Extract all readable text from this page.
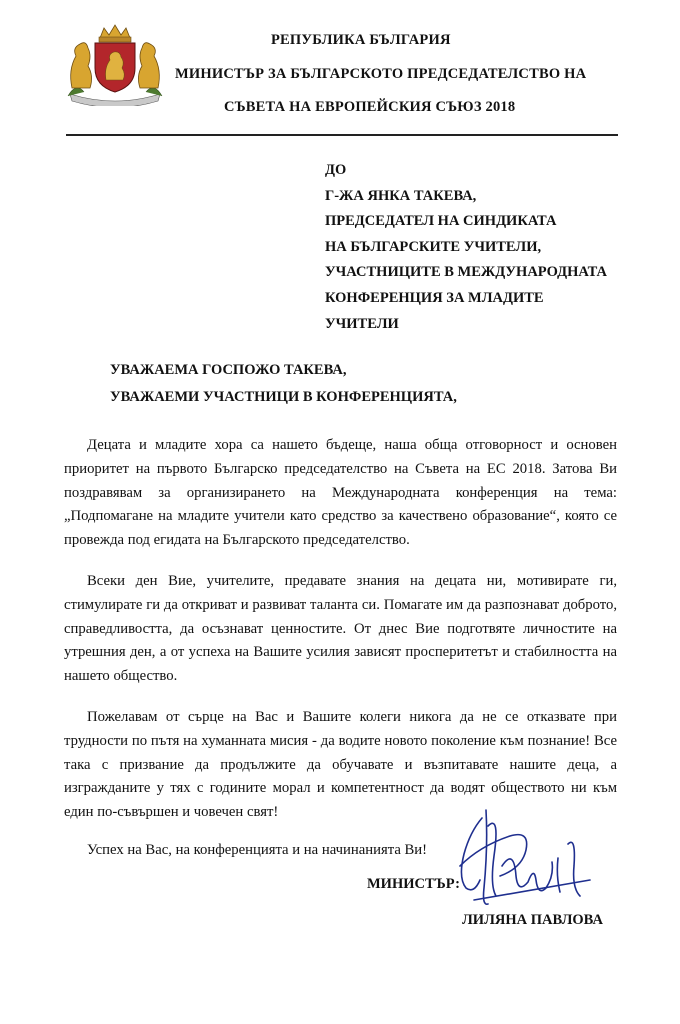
РЕПУБЛИКА БЪЛГАРИЯ
МИНИСТЪР ЗА БЪЛГАРСКОТО ПРЕДСЕДАТЕЛСТВО НА
СЪВЕТА НА ЕВРОПЕЙСКИЯ СЪЮЗ 2018
ДО
Г-ЖА ЯНКА ТАКЕВА,
ПРЕДСЕДАТЕЛ НА СИНДИКАТА
НА БЪЛГАРСКИТЕ УЧИТЕЛИ,
УЧАСТНИЦИТЕ В МЕЖДУНАРОДНАТА
КОНФЕРЕНЦИЯ ЗА МЛАДИТЕ
УЧИТЕЛИ
УВАЖАЕМА ГОСПОЖО ТАКЕВА,
УВАЖАЕМИ УЧАСТНИЦИ В КОНФЕРЕНЦИЯТА,
Децата и младите хора са нашето бъдеще, наша обща отговорност и основен приоритет на първото Българско председателство на Съвета на ЕС 2018. Затова Ви поздравявам за организирането на Международната конференция на тема: „Подпомагане на младите учители като средство за качествено образование“, която се провежда под егидата на Българското председателство.
Всеки ден Вие, учителите, предавате знания на децата ни, мотивирате ги, стимулирате ги да откриват и развиват таланта си. Помагате им да разпознават доброто, справедливостта, да осъзнават ценностите. От днес Вие подготвяте личностите на утрешния ден, а от успеха на Вашите усилия зависят просперитетът и стабилността на нашето общество.
Пожелавам от сърце на Вас и Вашите колеги никога да не се отказвате при трудности по пътя на хуманната мисия - да водите новото поколение към познание! Все така с призвание да продължите да обучавате и възпитавате нашите деца, а изгражданите у тях с годините морал и компетентност да водят обществото ни към един по-съвършен и човечен свят!
Успех на Вас, на конференцията и на начинанията Ви!
МИНИСТЪР:
ЛИЛЯНА ПАВЛОВА
